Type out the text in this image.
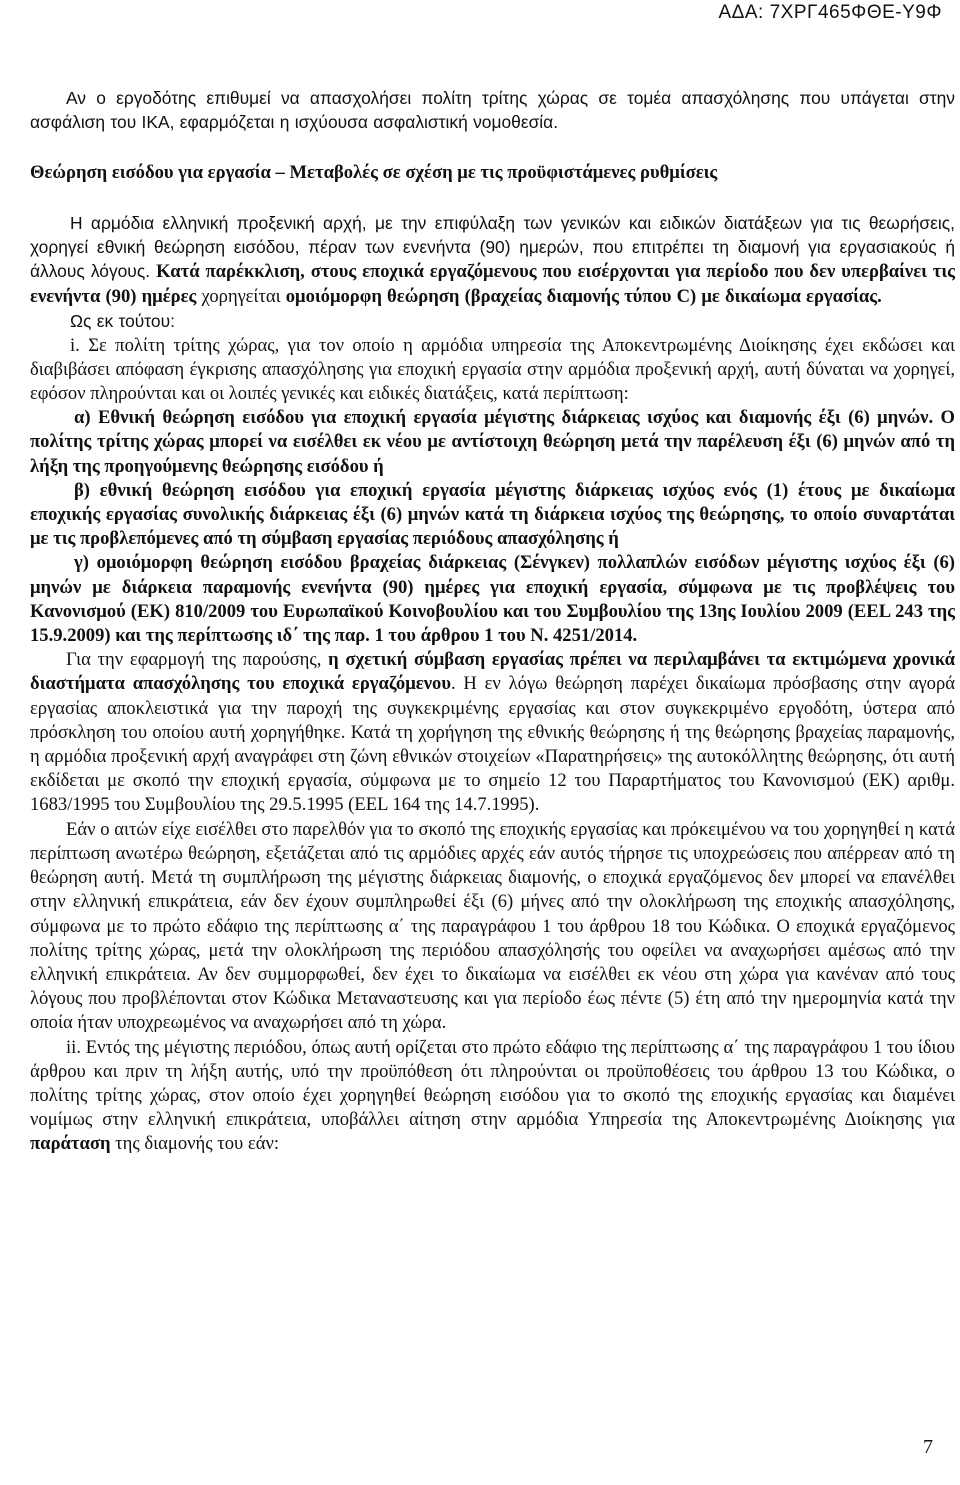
ΑΔΑ: 7ΧΡΓ465ΦΘΕ-Υ9Φ

Αν ο εργοδότης επιθυμεί να απασχολήσει πολίτη τρίτης χώρας σε τομέα απασχόλησης που υπάγεται στην ασφάλιση του ΙΚΑ, εφαρμόζεται η ισχύουσα ασφαλιστική νομοθεσία.

Θεώρηση εισόδου για εργασία – Μεταβολές σε σχέση με τις προϋφιστάμενες ρυθμίσεις

Η αρμόδια ελληνική προξενική αρχή, με την επιφύλαξη των γενικών και ειδικών διατάξεων για τις θεωρήσεις, χορηγεί εθνική θεώρηση εισόδου, πέραν των ενενήντα (90) ημερών, που επιτρέπει τη διαμονή για εργασιακούς ή άλλους λόγους. Κατά παρέκκλιση, στους εποχικά εργαζόμενους που εισέρχονται για περίοδο που δεν υπερβαίνει τις ενενήντα (90) ημέρες χορηγείται ομοιόμορφη θεώρηση (βραχείας διαμονής τύπου C) με δικαίωμα εργασίας.

Ως εκ τούτου:

i. Σε πολίτη τρίτης χώρας, για τον οποίο η αρμόδια υπηρεσία της Αποκεντρωμένης Διοίκησης έχει εκδώσει και διαβιβάσει απόφαση έγκρισης απασχόλησης για εποχική εργασία στην αρμόδια προξενική αρχή, αυτή δύναται να χορηγεί, εφόσον πληρούνται και οι λοιπές γενικές και ειδικές διατάξεις, κατά περίπτωση:

α) Εθνική θεώρηση εισόδου για εποχική εργασία μέγιστης διάρκειας ισχύος και διαμονής έξι (6) μηνών. Ο πολίτης τρίτης χώρας μπορεί να εισέλθει εκ νέου με αντίστοιχη θεώρηση μετά την παρέλευση έξι (6) μηνών από τη λήξη της προηγούμενης θεώρησης εισόδου ή

β) εθνική θεώρηση εισόδου για εποχική εργασία μέγιστης διάρκειας ισχύος ενός (1) έτους με δικαίωμα εποχικής εργασίας συνολικής διάρκειας έξι (6) μηνών κατά τη διάρκεια ισχύος της θεώρησης, το οποίο συναρτάται με τις προβλεπόμενες από τη σύμβαση εργασίας περιόδους απασχόλησης ή

γ) ομοιόμορφη θεώρηση εισόδου βραχείας διάρκειας (Σένγκεν) πολλαπλών εισόδων μέγιστης ισχύος έξι (6) μηνών με διάρκεια παραμονής ενενήντα (90) ημέρες για εποχική εργασία, σύμφωνα με τις προβλέψεις του Κανονισμού (ΕΚ) 810/2009 του Ευρωπαϊκού Κοινοβουλίου και του Συμβουλίου της 13ης Ιουλίου 2009 (EEL 243 της 15.9.2009) και της περίπτωσης ιδ΄ της παρ. 1 του άρθρου 1 του Ν. 4251/2014.

Για την εφαρμογή της παρούσης, η σχετική σύμβαση εργασίας πρέπει να περιλαμβάνει τα εκτιμώμενα χρονικά διαστήματα απασχόλησης του εποχικά εργαζόμενου. Η εν λόγω θεώρηση παρέχει δικαίωμα πρόσβασης στην αγορά εργασίας αποκλειστικά για την παροχή της συγκεκριμένης εργασίας και στον συγκεκριμένο εργοδότη, ύστερα από πρόσκληση του οποίου αυτή χορηγήθηκε. Κατά τη χορήγηση της εθνικής θεώρησης ή της θεώρησης βραχείας παραμονής, η αρμόδια προξενική αρχή αναγράφει στη ζώνη εθνικών στοιχείων «Παρατηρήσεις» της αυτοκόλλητης θεώρησης, ότι αυτή εκδίδεται με σκοπό την εποχική εργασία, σύμφωνα με το σημείο 12 του Παραρτήματος του Κανονισμού (ΕΚ) αριθμ. 1683/1995 του Συμβουλίου της 29.5.1995 (EEL 164 της 14.7.1995).

Εάν ο αιτών είχε εισέλθει στο παρελθόν για το σκοπό της εποχικής εργασίας και πρόκειμένου να του χορηγηθεί η κατά περίπτωση ανωτέρω θεώρηση, εξετάζεται από τις αρμόδιες αρχές εάν αυτός τήρησε τις υποχρεώσεις που απέρρεαν από τη θεώρηση αυτή. Μετά τη συμπλήρωση της μέγιστης διάρκειας διαμονής, ο εποχικά εργαζόμενος δεν μπορεί να επανέλθει στην ελληνική επικράτεια, εάν δεν έχουν συμπληρωθεί έξι (6) μήνες από την ολοκλήρωση της εποχικής απασχόλησης, σύμφωνα με το πρώτο εδάφιο της περίπτωσης α΄ της παραγράφου 1 του άρθρου 18 του Κώδικα. Ο εποχικά εργαζόμενος πολίτης τρίτης χώρας, μετά την ολοκλήρωση της περιόδου απασχόλησής του οφείλει να αναχωρήσει αμέσως από την ελληνική επικράτεια. Αν δεν συμμορφωθεί, δεν έχει το δικαίωμα να εισέλθει εκ νέου στη χώρα για κανέναν από τους λόγους που προβλέπονται στον Κώδικα Μεταναστευσης και για περίοδο έως πέντε (5) έτη από την ημερομηνία κατά την οποία ήταν υποχρεωμένος να αναχωρήσει από τη χώρα.

ii. Εντός της μέγιστης περιόδου, όπως αυτή ορίζεται στο πρώτο εδάφιο της περίπτωσης α΄ της παραγράφου 1 του ίδιου άρθρου και πριν τη λήξη αυτής, υπό την προϋπόθεση ότι πληρούνται οι προϋποθέσεις του άρθρου 13 του Κώδικα, ο πολίτης τρίτης χώρας, στον οποίο έχει χορηγηθεί θεώρηση εισόδου για το σκοπό της εποχικής εργασίας και διαμένει νομίμως στην ελληνική επικράτεια, υποβάλλει αίτηση στην αρμόδια Υπηρεσία της Αποκεντρωμένης Διοίκησης για παράταση της διαμονής του εάν:

7
